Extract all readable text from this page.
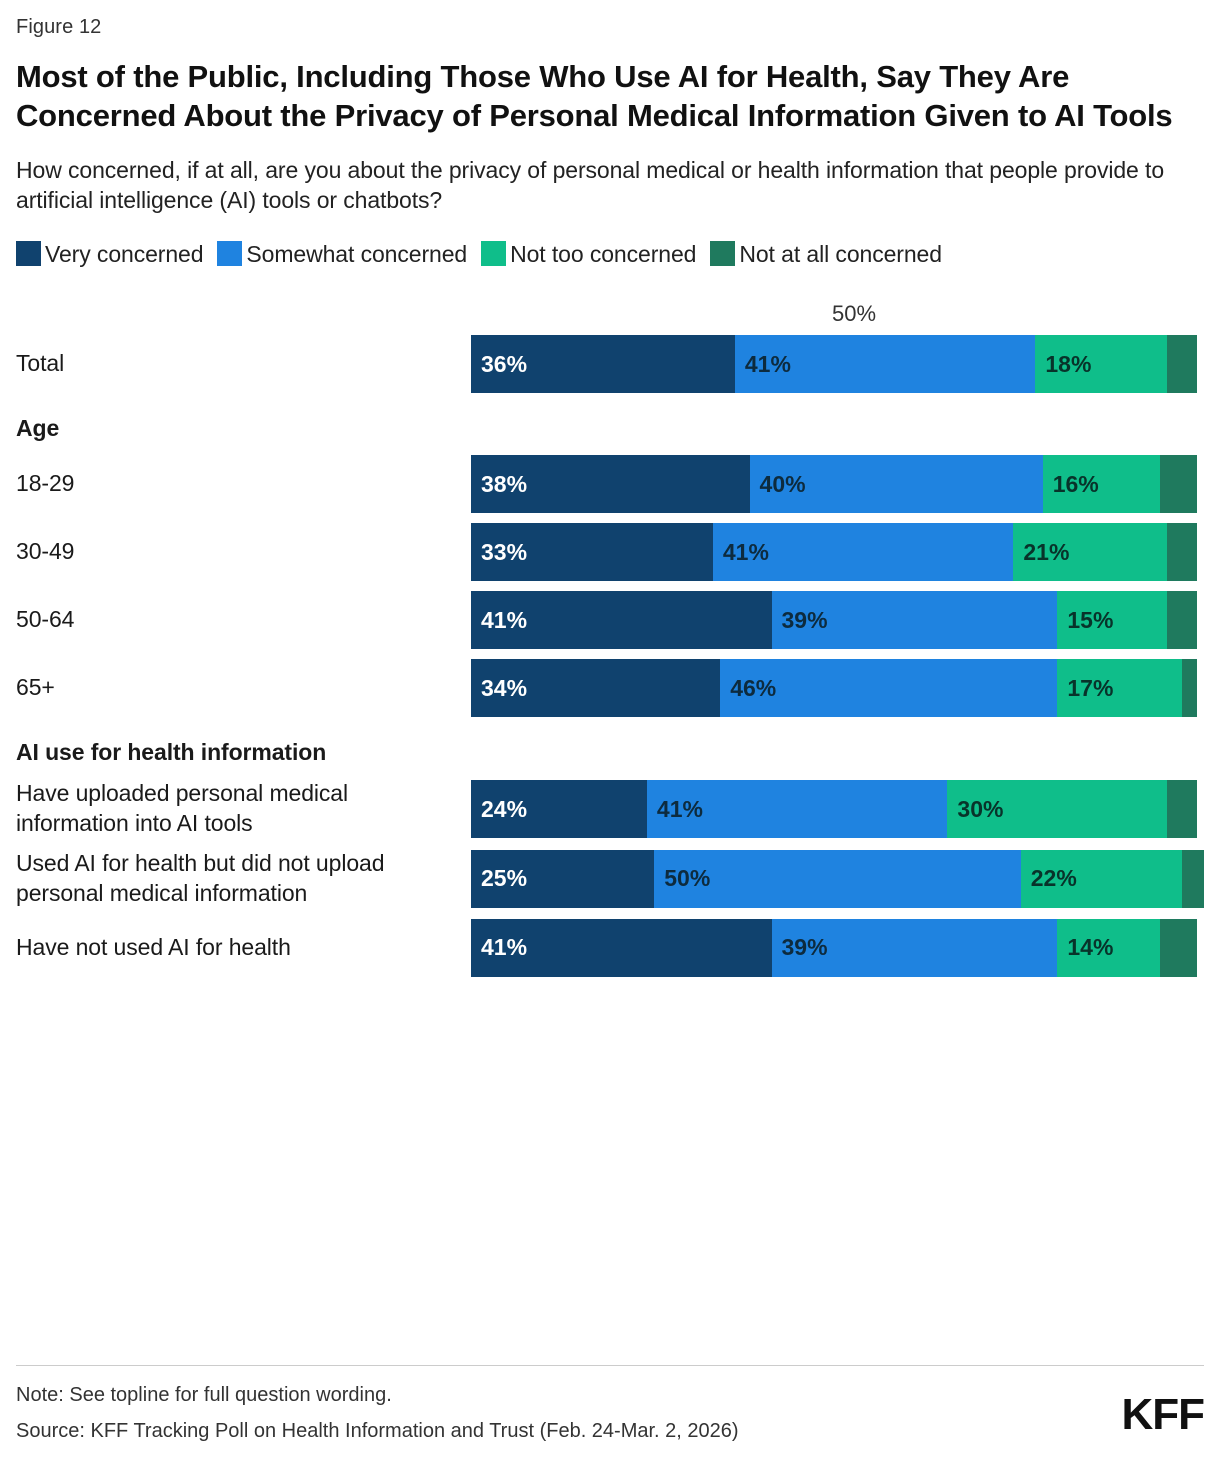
Figure 12
Most of the Public, Including Those Who Use AI for Health, Say They Are Concerned About the Privacy of Personal Medical Information Given to AI Tools
How concerned, if at all, are you about the privacy of personal medical or health information that people provide to artificial intelligence (AI) tools or chatbots?
Very concerned Somewhat concerned Not too concerned Not at all concerned
50%
Total	36%	41%	18%
Age
18-29	38%	40%	16%
30-49	33%	41%	21%
50-64	41%	39%	15%
65+	34%	46%	17%
AI use for health information
Have uploaded personal medical information into AI tools
24%	41%	30%
Used AI for health but did not upload personal medical information
25%	50%	22%
Have not used AI for health	41%	39%	14%
Note: See topline for full question wording.
Source: KFF Tracking Poll on Health Information and Trust (Feb. 24-Mar. 2, 2026)	KFF
